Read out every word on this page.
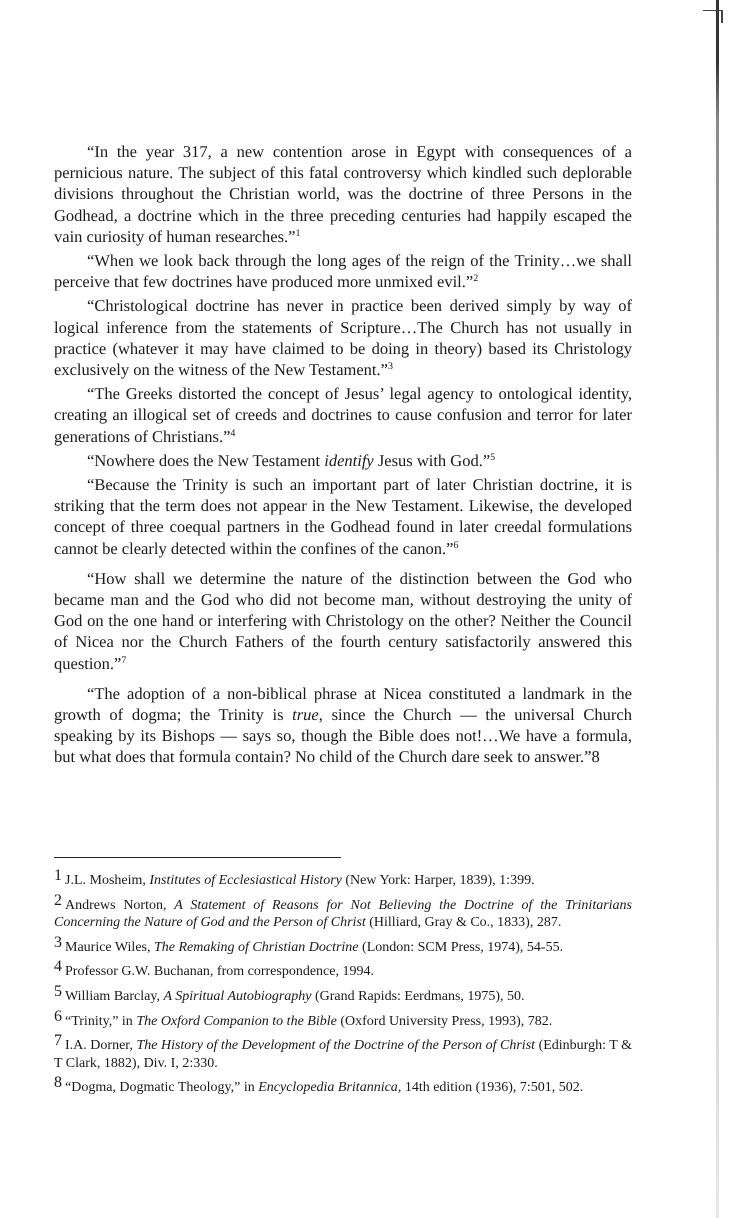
“In the year 317, a new contention arose in Egypt with consequences of a pernicious nature. The subject of this fatal controversy which kindled such deplorable divisions throughout the Christian world, was the doctrine of three Persons in the Godhead, a doctrine which in the three preceding centuries had happily escaped the vain curiosity of human researches.”$^1$

“When we look back through the long ages of the reign of the Trinity…we shall perceive that few doctrines have produced more unmixed evil.”$^2$

“Christological doctrine has never in practice been derived simply by way of logical inference from the statements of Scripture…The Church has not usually in practice (whatever it may have claimed to be doing in theory) based its Christology exclusively on the witness of the New Testament.”$^3$

“The Greeks distorted the concept of Jesus’ legal agency to ontological identity, creating an illogical set of creeds and doctrines to cause confusion and terror for later generations of Christians.”$^4$

“Nowhere does the New Testament identify Jesus with God.”$^5$

“Because the Trinity is such an important part of later Christian doctrine, it is striking that the term does not appear in the New Testament. Likewise, the developed concept of three coequal partners in the Godhead found in later creedal formulations cannot be clearly detected within the confines of the canon.”$^6$

“How shall we determine the nature of the distinction between the God who became man and the God who did not become man, without destroying the unity of God on the one hand or interfering with Christology on the other? Neither the Council of Nicea nor the Church Fathers of the fourth century satisfactorily answered this question.”$^7$

“The adoption of a non-biblical phrase at Nicea constituted a landmark in the growth of dogma; the Trinity is true, since the Church — the universal Church speaking by its Bishops — says so, though the Bible does not!…We have a formula, but what does that formula contain? No child of the Church dare seek to answer.”8

1 J.L. Mosheim, Institutes of Ecclesiastical History (New York: Harper, 1839), 1:399.
2 Andrews Norton, A Statement of Reasons for Not Believing the Doctrine of the Trinitarians Concerning the Nature of God and the Person of Christ (Hilliard, Gray & Co., 1833), 287.
3 Maurice Wiles, The Remaking of Christian Doctrine (London: SCM Press, 1974), 54-55.
4 Professor G.W. Buchanan, from correspondence, 1994.
5 William Barclay, A Spiritual Autobiography (Grand Rapids: Eerdmans, 1975), 50.
6 “Trinity,” in The Oxford Companion to the Bible (Oxford University Press, 1993), 782.
7 I.A. Dorner, The History of the Development of the Doctrine of the Person of Christ (Edinburgh: T & T Clark, 1882), Div. I, 2:330.
8 “Dogma, Dogmatic Theology,” in Encyclopedia Britannica, 14th edition (1936), 7:501, 502.
